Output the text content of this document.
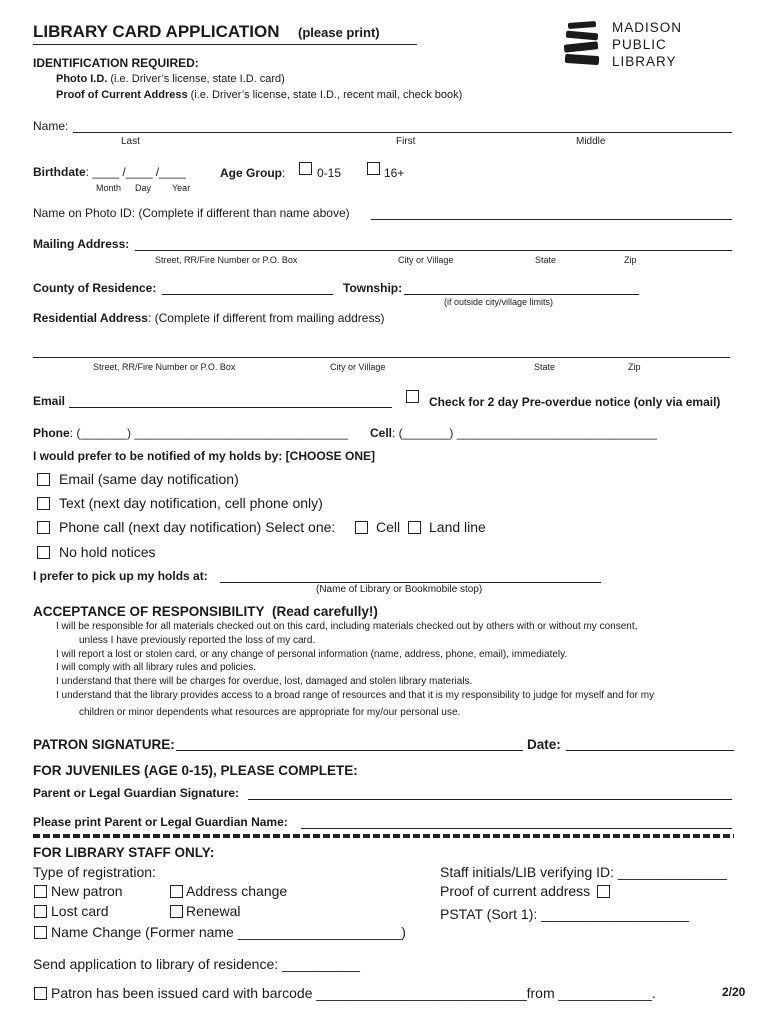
LIBRARY CARD APPLICATION (please print)	MADISON
PUBLIC
LIBRARY
IDENTIFICATION REQUIRED:
Photo I.D. (i.e. Driver’s license, state I.D. card)
Proof of Current Address (i.e. Driver’s license, state I.D., recent mail, check book)
Name:
Last	First	Middle
Birthdate: ____ /____ /____
Month Day Year
Age Group:	0-15	16+
Name on Photo ID: (Complete if different than name above)
Mailing Address:
Street, RR/Fire Number or P.O. Box	City or Village	State	Zip
County of Residence:	Township:
(if outside city/village limits)
Residential Address: (Complete if different from mailing address)
Street, RR/Fire Number or P.O. Box	City or Village	State	Zip
Email	Check for 2 day Pre-overdue notice (only via email)
Phone: (_______) ________________________________ Cell: (_______) ______________________________
I would prefer to be notified of my holds by: [CHOOSE ONE]
Email (same day notification)
Text (next day notification, cell phone only)
Phone call (next day notification) Select one:	Cell Land line
No hold notices
I prefer to pick up my holds at:
(Name of Library or Bookmobile stop)
ACCEPTANCE OF RESPONSIBILITY (Read carefully!)
I will be responsible for all materials checked out on this card, including materials checked out by others with or without my consent,
unless I have previously reported the loss of my card.
I will report a lost or stolen card, or any change of personal information (name, address, phone, email), immediately.
I will comply with all library rules and policies.
I understand that there will be charges for overdue, lost, damaged and stolen library materials.
I understand that the library provides access to a broad range of resources and that it is my responsibility to judge for myself and for my
children or minor dependents what resources are appropriate for my/our personal use.
PATRON SIGNATURE:	Date:
FOR JUVENILES (AGE 0-15), PLEASE COMPLETE:
Parent or Legal Guardian Signature:
Please print Parent or Legal Guardian Name:
FOR LIBRARY STAFF ONLY:
Type of registration:
New patron	Address change
Lost card	Renewal
Name Change (Former name _____________________)
Staff initials/LIB verifying ID: ______________
Proof of current address
PSTAT (Sort 1): ___________________
Send application to library of residence: __________
Patron has been issued card with barcode ___________________________from ____________.	2/20
